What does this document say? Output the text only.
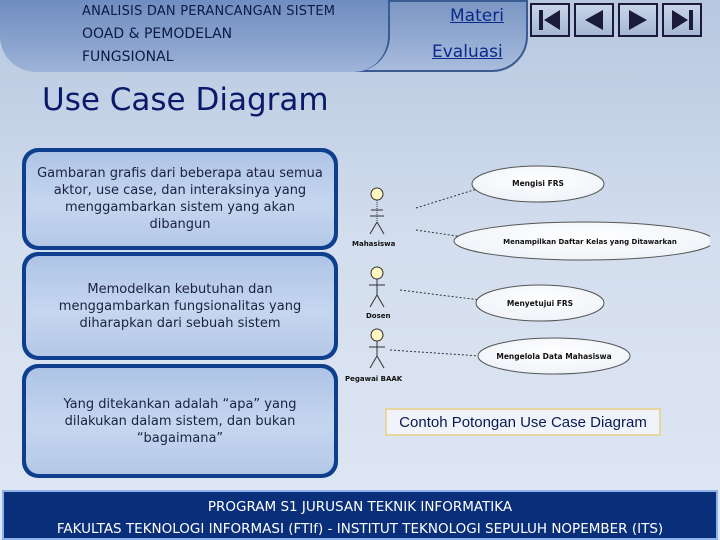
ANALISIS DAN PERANCANGAN SISTEM
OOAD & PEMODELAN
FUNGSIONAL
Materi
Evaluasi
Use Case Diagram
Gambaran grafis dari beberapa atau semua aktor, use case, dan interaksinya yang menggambarkan sistem yang akan dibangun
Memodelkan kebutuhan dan menggambarkan fungsionalitas yang diharapkan dari sebuah sistem
Yang ditekankan adalah “apa” yang dilakukan dalam sistem, dan bukan “bagaimana”
Mahasiswa
Dosen
Pegawai BAAK
Mengisi FRS
Menampilkan Daftar Kelas yang Ditawarkan
Menyetujui FRS
Mengelola Data Mahasiswa
Contoh Potongan Use Case Diagram
PROGRAM S1 JURUSAN TEKNIK INFORMATIKA
FAKULTAS TEKNOLOGI INFORMASI (FTIf) - INSTITUT TEKNOLOGI SEPULUH NOPEMBER (ITS)
